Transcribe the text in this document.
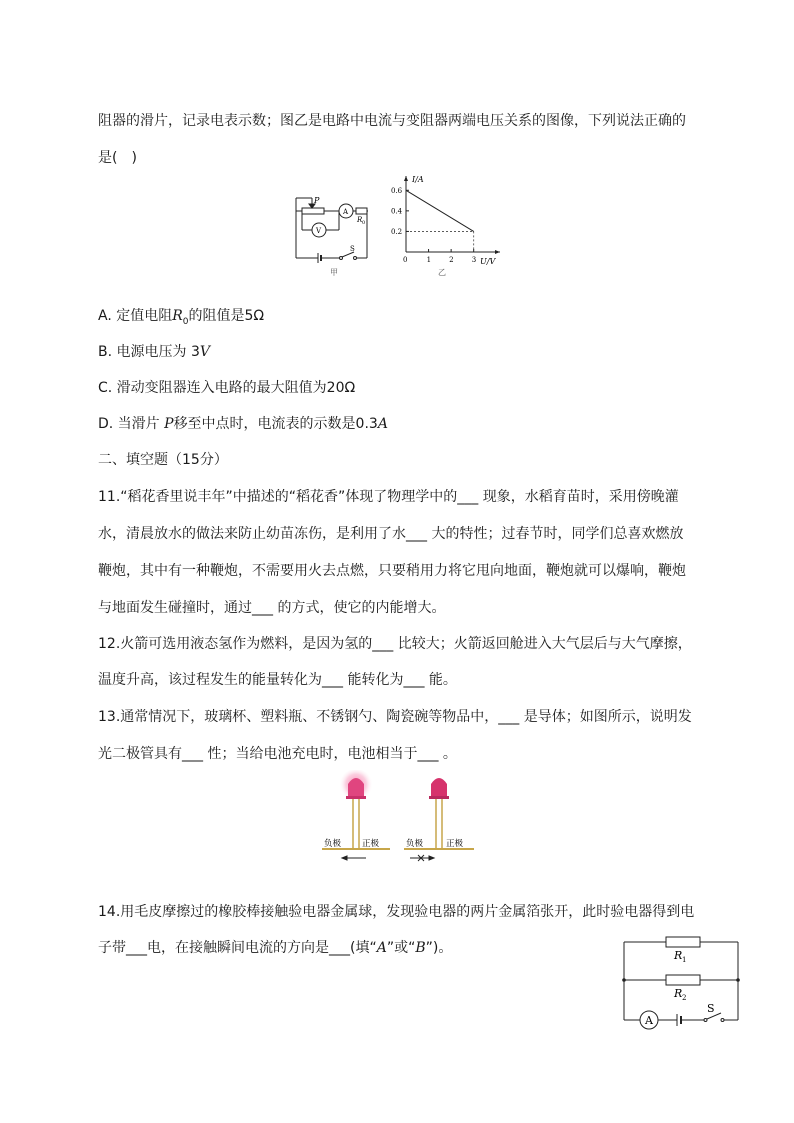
阻器的滑片，记录电表示数；图乙是电路中电流与变阻器两端电压关系的图像，下列说法正确的
是(　)
P
A
V
R 0
S
甲
I/A
U/V
0
0.6
0.4
0.2
1	2	3
乙
A. 定值电阻$R_0$的阻值是5Ω
B. 电源电压为 3V
C. 滑动变阻器连入电路的最大阻值为20Ω
D. 当滑片 P移至中点时，电流表的示数是0.3A
二、填空题（15分）
11.“稻花香里说丰年”中描述的“稻花香”体现了物理学中的___ 现象，水稻育苗时，采用傍晚灌
水，清晨放水的做法来防止幼苗冻伤，是利用了水___ 大的特性；过春节时，同学们总喜欢燃放
鞭炮，其中有一种鞭炮，不需要用火去点燃，只要稍用力将它甩向地面，鞭炮就可以爆响，鞭炮
与地面发生碰撞时，通过___ 的方式，使它的内能增大。
12.火箭可选用液态氢作为燃料，是因为氢的___ 比较大；火箭返回舱进入大气层后与大气摩擦，
温度升高，该过程发生的能量转化为___ 能转化为___ 能。
13.通常情况下，玻璃杯、塑料瓶、不锈钢勺、陶瓷碗等物品中，___ 是导体；如图所示，说明发
光二极管具有___ 性；当给电池充电时，电池相当于___ 。
负极 正极	负极	正极
14.用毛皮摩擦过的橡胶棒接触验电器金属球，发现验电器的两片金属箔张开，此时验电器得到电
子带___电，在接触瞬间电流的方向是___(填“A”或“B”)。	R 1
R 2
A
S
